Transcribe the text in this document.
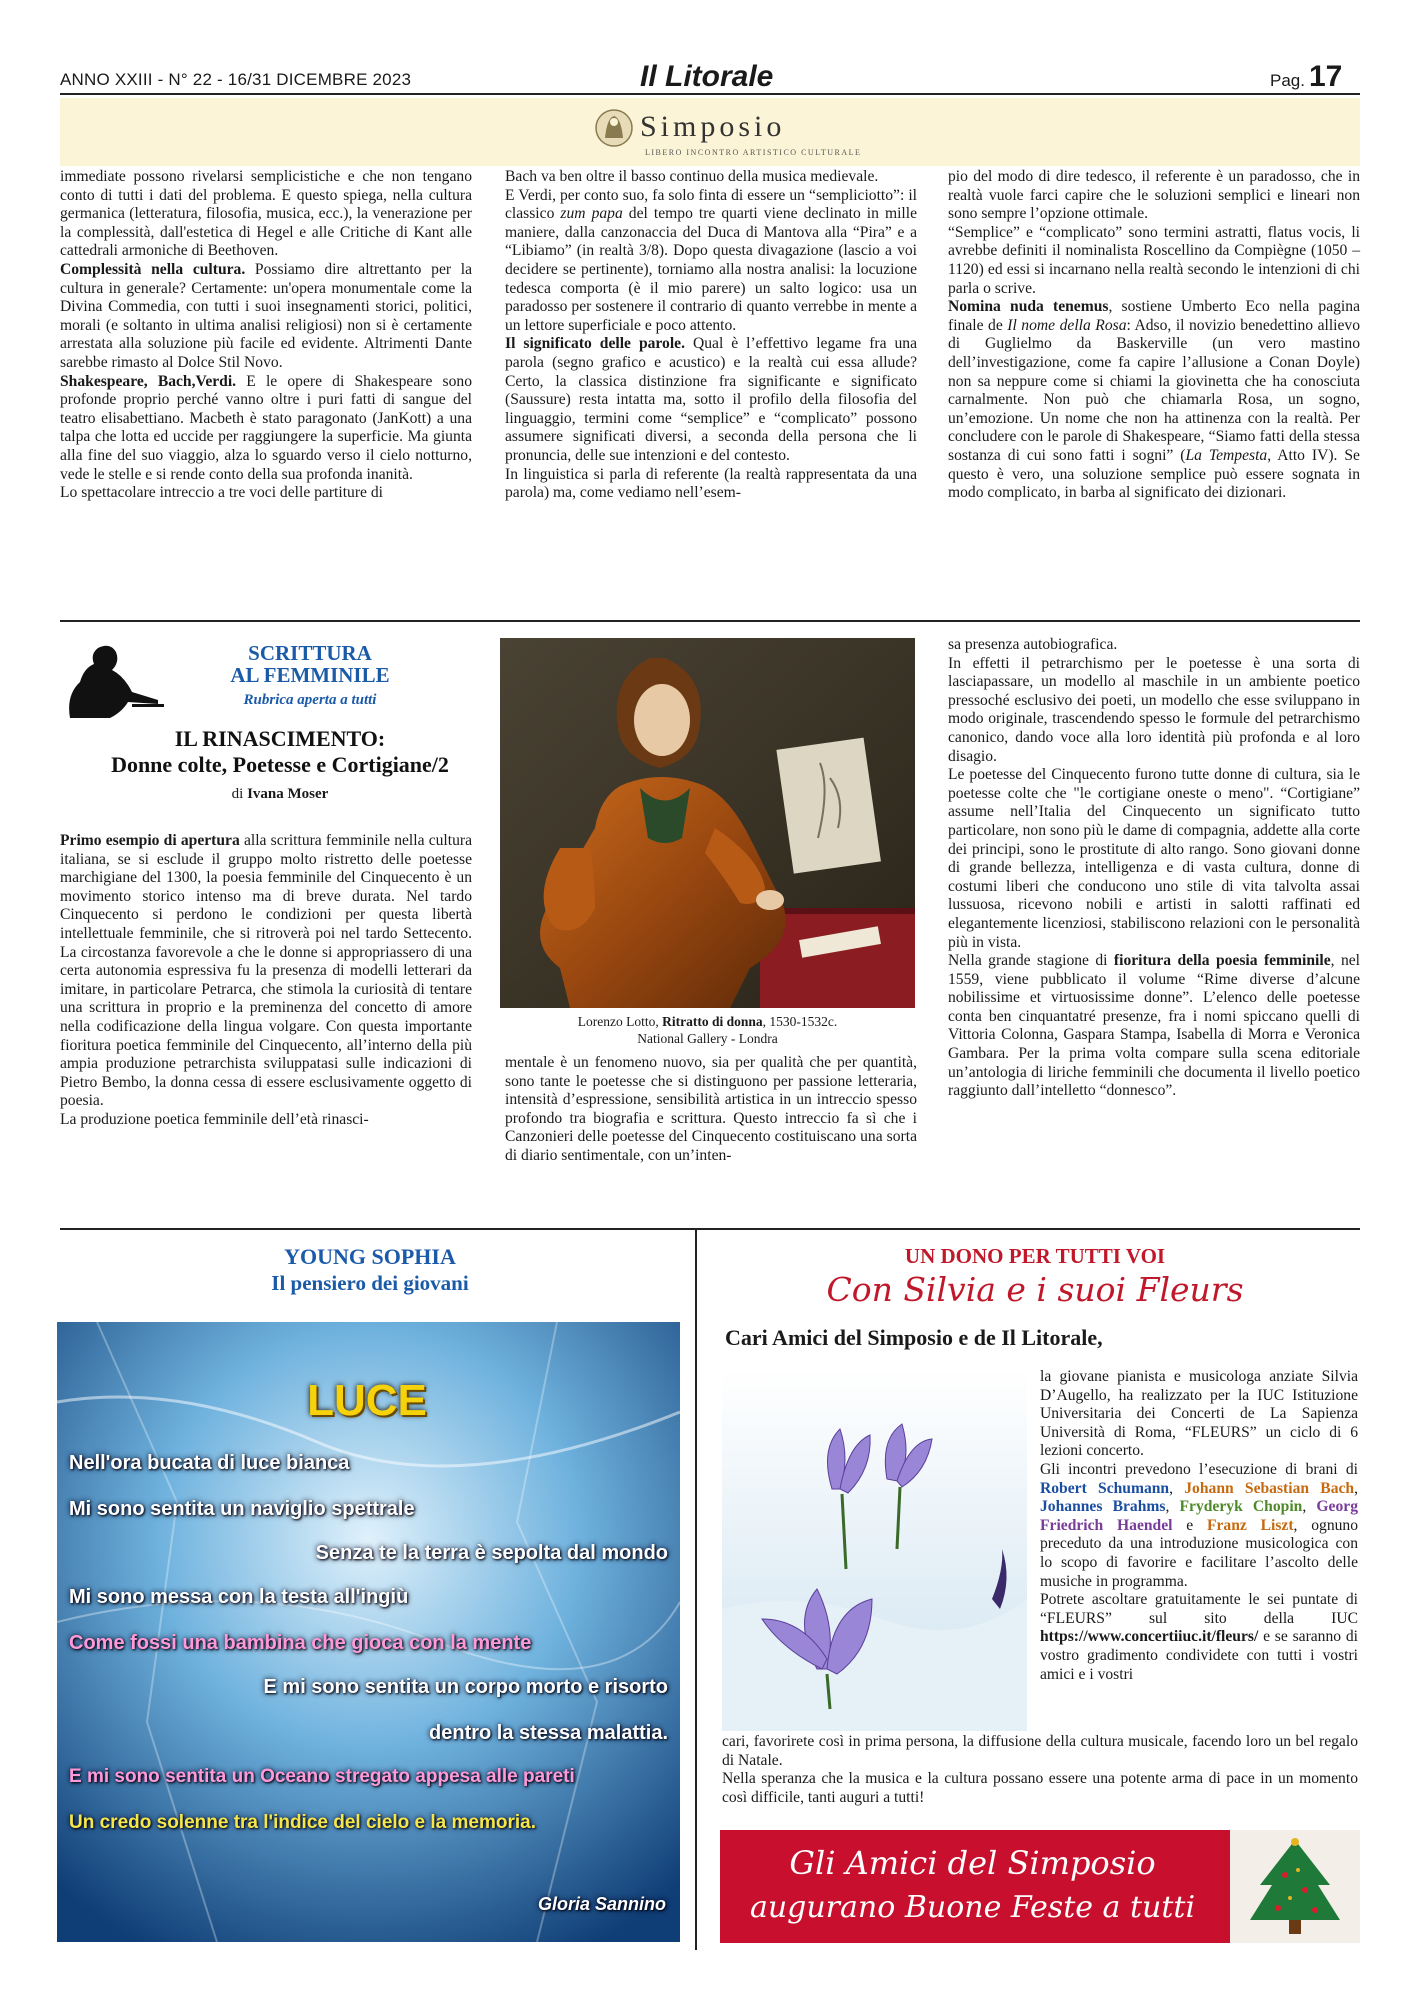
ANNO XXIII - N° 22 - 16/31 DICEMBRE 2023	Il Litorale	Pag. 17
Simposio
LIBERO INCONTRO ARTISTICO CULTURALE

immediate possono rivelarsi semplicistiche e che non tengano conto di tutti i dati del problema. E questo spiega, nella cultura germanica (letteratura, filosofia, musica, ecc.), la venerazione per la complessità, dall'estetica di Hegel e alle Critiche di Kant alle cattedrali armoniche di Beethoven.

Complessità nella cultura. Possiamo dire altrettanto per la cultura in generale? Certamente: un'opera monumentale come la Divina Commedia, con tutti i suoi insegnamenti storici, politici, morali (e soltanto in ultima analisi religiosi) non si è certamente arrestata alla soluzione più facile ed evidente. Altrimenti Dante sarebbe rimasto al Dolce Stil Novo.

Shakespeare, Bach,Verdi. E le opere di Shakespeare sono profonde proprio perché vanno oltre i puri fatti di sangue del teatro elisabettiano. Macbeth è stato paragonato (JanKott) a una talpa che lotta ed uccide per raggiungere la superficie. Ma giunta alla fine del suo viaggio, alza lo sguardo verso il cielo notturno, vede le stelle e si rende conto della sua profonda inanità.

Lo spettacolare intreccio a tre voci delle partiture di

Bach va ben oltre il basso continuo della musica medievale.

E Verdi, per conto suo, fa solo finta di essere un “sempliciotto”: il classico zum papa del tempo tre quarti viene declinato in mille maniere, dalla canzonaccia del Duca di Mantova alla “Pira” e a “Libiamo” (in realtà 3/8). Dopo questa divagazione (lascio a voi decidere se pertinente), torniamo alla nostra analisi: la locuzione tedesca comporta (è il mio parere) un salto logico: usa un paradosso per sostenere il contrario di quanto verrebbe in mente a un lettore superficiale e poco attento.

Il significato delle parole. Qual è l’effettivo legame fra una parola (segno grafico e acustico) e la realtà cui essa allude? Certo, la classica distinzione fra significante e significato (Saussure) resta intatta ma, sotto il profilo della filosofia del linguaggio, termini come “semplice” e “complicato” possono assumere significati diversi, a seconda della persona che li pronuncia, delle sue intenzioni e del contesto.

In linguistica si parla di referente (la realtà rappresentata da una parola) ma, come vediamo nell’esem-

pio del modo di dire tedesco, il referente è un paradosso, che in realtà vuole farci capire che le soluzioni semplici e lineari non sono sempre l’opzione ottimale.

“Semplice” e “complicato” sono termini astratti, flatus vocis, li avrebbe definiti il nominalista Roscellino da Compiègne (1050 – 1120) ed essi si incarnano nella realtà secondo le intenzioni di chi parla o scrive.

Nomina nuda tenemus, sostiene Umberto Eco nella pagina finale de Il nome della Rosa: Adso, il novizio benedettino allievo di Guglielmo da Baskerville (un vero mastino dell’investigazione, come fa capire l’allusione a Conan Doyle) non sa neppure come si chiami la giovinetta che ha conosciuta carnalmente. Non può che chiamarla Rosa, un sogno, un’emozione. Un nome che non ha attinenza con la realtà. Per concludere con le parole di Shakespeare, “Siamo fatti della stessa sostanza di cui sono fatti i sogni” (La Tempesta, Atto IV). Se questo è vero, una soluzione semplice può essere sognata in modo complicato, in barba al significato dei dizionari.

SCRITTURA
AL FEMMINILE
Rubrica aperta a tutti
IL RINASCIMENTO:
Donne colte, Poetesse e Cortigiane/2
di Ivana Moser

Primo esempio di apertura alla scrittura femminile nella cultura italiana, se si esclude il gruppo molto ristretto delle poetesse marchigiane del 1300, la poesia femminile del Cinquecento è un movimento storico intenso ma di breve durata. Nel tardo Cinquecento si perdono le condizioni per questa libertà intellettuale femminile, che si ritroverà poi nel tardo Settecento. La circostanza favorevole a che le donne si appropriassero di una certa autonomia espressiva fu la presenza di modelli letterari da imitare, in particolare Petrarca, che stimola la curiosità di tentare una scrittura in proprio e la preminenza del concetto di amore nella codificazione della lingua volgare. Con questa importante fioritura poetica femminile del Cinquecento, all’interno della più ampia produzione petrarchista sviluppatasi sulle indicazioni di Pietro Bembo, la donna cessa di essere esclusivamente oggetto di poesia.

La produzione poetica femminile dell’età rinasci-

Lorenzo Lotto, Ritratto di donna, 1530-1532c.
National Gallery - Londra

mentale è un fenomeno nuovo, sia per qualità che per quantità, sono tante le poetesse che si distinguono per passione letteraria, intensità d’espressione, sensibilità artistica in un intreccio spesso profondo tra biografia e scrittura. Questo intreccio fa sì che i Canzonieri delle poetesse del Cinquecento costituiscano una sorta di diario sentimentale, con un’inten-

sa presenza autobiografica.

In effetti il petrarchismo per le poetesse è una sorta di lasciapassare, un modello al maschile in un ambiente poetico pressoché esclusivo dei poeti, un modello che esse sviluppano in modo originale, trascendendo spesso le formule del petrarchismo canonico, dando voce alla loro identità più profonda e al loro disagio.

Le poetesse del Cinquecento furono tutte donne di cultura, sia le poetesse colte che "le cortigiane oneste o meno". “Cortigiane” assume nell’Italia del Cinquecento un significato tutto particolare, non sono più le dame di compagnia, addette alla corte dei principi, sono le prostitute di alto rango. Sono giovani donne di grande bellezza, intelligenza e di vasta cultura, donne di costumi liberi che conducono uno stile di vita talvolta assai lussuosa, ricevono nobili e artisti in salotti raffinati ed elegantemente licenziosi, stabiliscono relazioni con le personalità più in vista.

Nella grande stagione di fioritura della poesia femminile, nel 1559, viene pubblicato il volume “Rime diverse d’alcune nobilissime et virtuosissime donne”. L’elenco delle poetesse conta ben cinquantatré presenze, fra i nomi spiccano quelli di Vittoria Colonna, Gaspara Stampa, Isabella di Morra e Veronica Gambara. Per la prima volta compare sulla scena editoriale un’antologia di liriche femminili che documenta il livello poetico raggiunto dall’intelletto “donnesco”.

YOUNG SOPHIA
Il pensiero dei giovani
LUCE
Nell'ora bucata di luce bianca
Mi sono sentita un naviglio spettrale
Senza te la terra è sepolta dal mondo
Mi sono messa con la testa all'ingiù
Come fossi una bambina che gioca con la mente
E mi sono sentita un corpo morto e risorto
dentro la stessa malattia.
E mi sono sentita un Oceano stregato appesa alle pareti
Un credo solenne tra l'indice del cielo e la memoria.
Gloria Sannino
UN DONO PER TUTTI VOI
Con Silvia e i suoi Fleurs
Cari Amici del Simposio e de Il Litorale,

la giovane pianista e musicologa anziate Silvia D’Augello, ha realizzato per la IUC Istituzione Universitaria dei Concerti de La Sapienza Università di Roma, “FLEURS” un ciclo di 6 lezioni concerto.

Gli incontri prevedono l’esecuzione di brani di Robert Schumann, Johann Sebastian Bach, Johannes Brahms, Fryderyk Chopin, Georg Friedrich Haendel e Franz Liszt, ognuno preceduto da una introduzione musicologica con lo scopo di favorire e facilitare l’ascolto delle musiche in programma.

Potrete ascoltare gratuitamente le sei puntate di “FLEURS” sul sito della IUC https://www.concertiiuc.it/fleurs/ e se saranno di vostro gradimento condividete con tutti i vostri amici e i vostri

cari, favorirete così in prima persona, la diffusione della cultura musicale, facendo loro un bel regalo di Natale.

Nella speranza che la musica e la cultura possano essere una potente arma di pace in un momento così difficile, tanti auguri a tutti!

Gli Amici del Simposio
augurano Buone Feste a tutti
